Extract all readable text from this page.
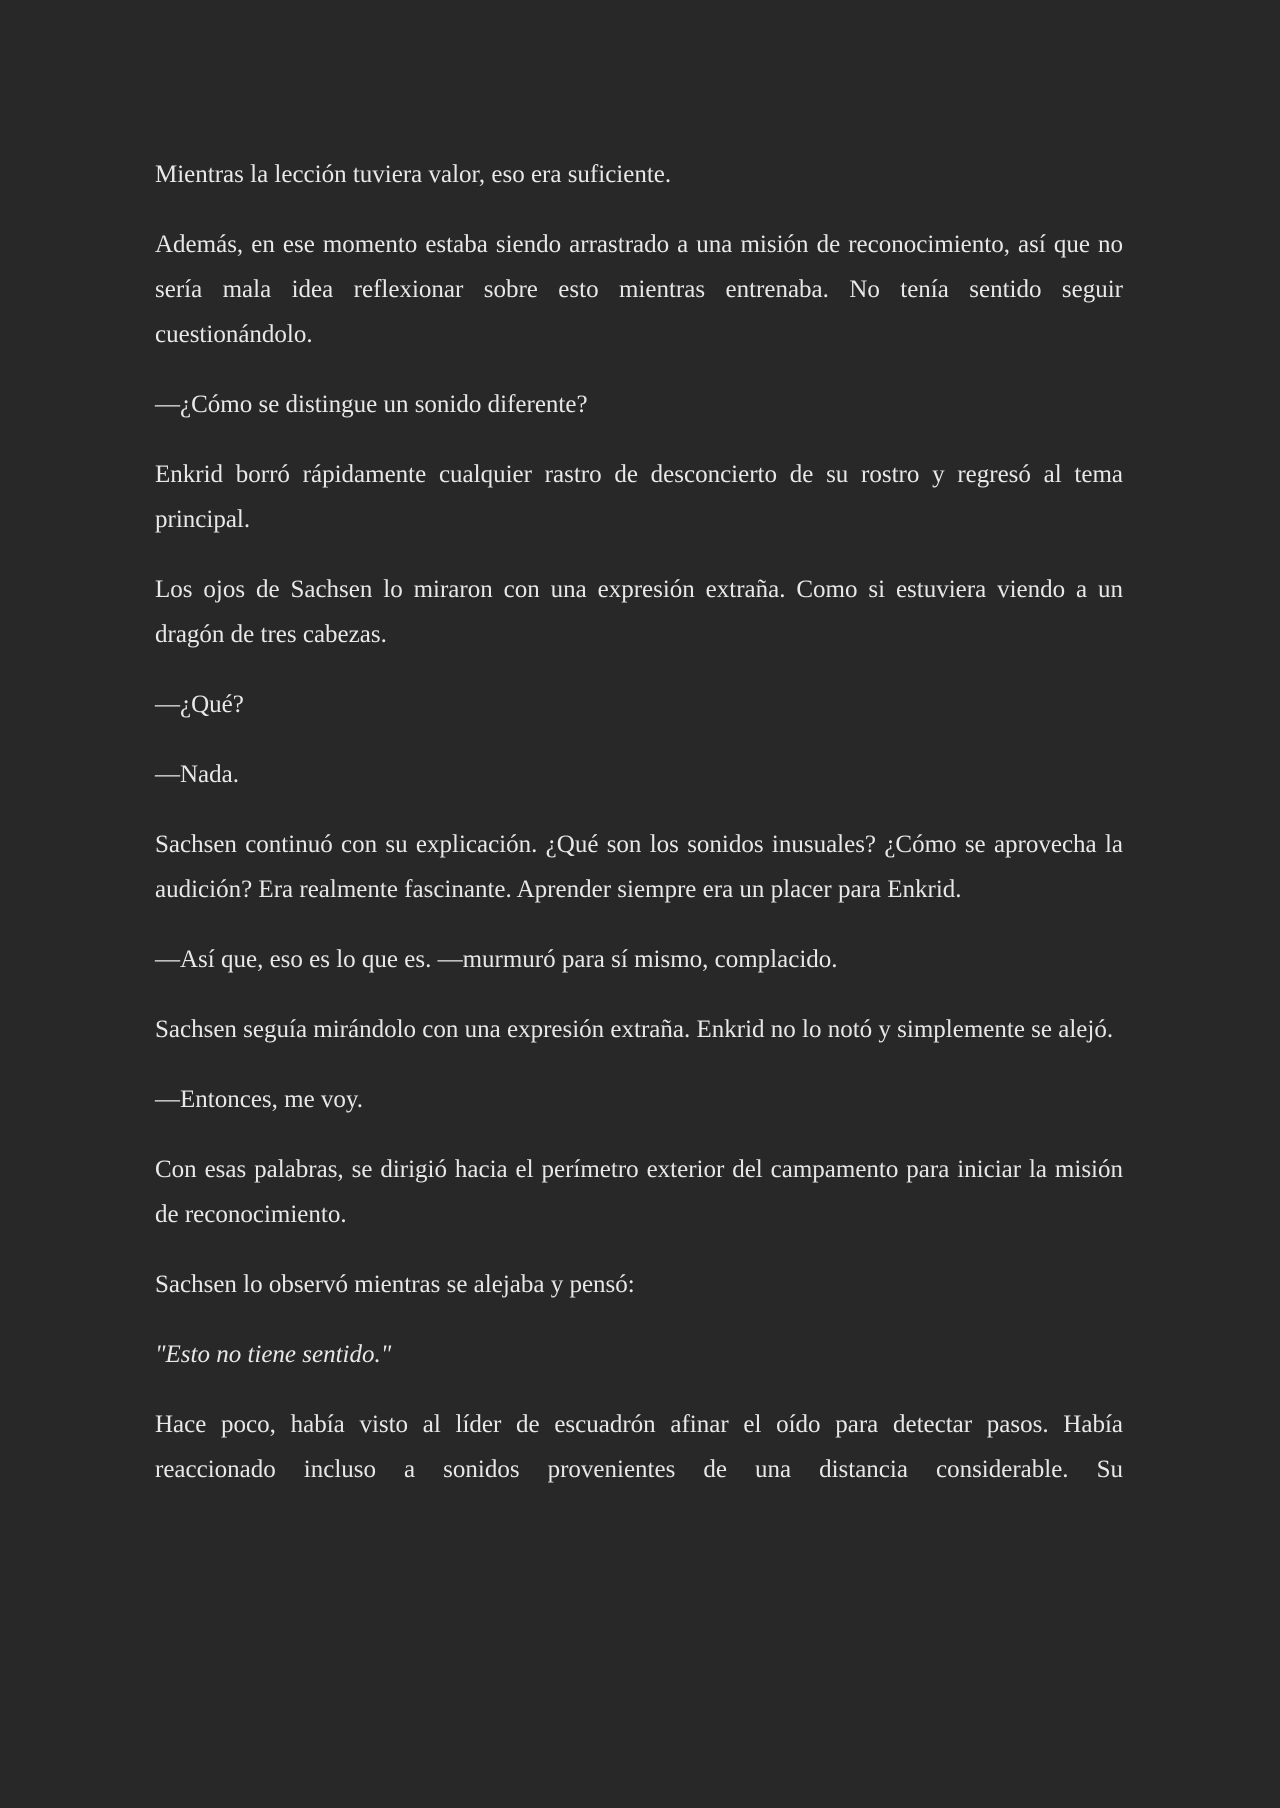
Mientras la lección tuviera valor, eso era suficiente.

Además, en ese momento estaba siendo arrastrado a una misión de reconocimiento, así que no sería mala idea reflexionar sobre esto mientras entrenaba. No tenía sentido seguir cuestionándolo.

—¿Cómo se distingue un sonido diferente?

Enkrid borró rápidamente cualquier rastro de desconcierto de su rostro y regresó al tema principal.

Los ojos de Sachsen lo miraron con una expresión extraña. Como si estuviera viendo a un dragón de tres cabezas.

—¿Qué?

—Nada.

Sachsen continuó con su explicación. ¿Qué son los sonidos inusuales? ¿Cómo se aprovecha la audición? Era realmente fascinante. Aprender siempre era un placer para Enkrid.

—Así que, eso es lo que es. —murmuró para sí mismo, complacido.

Sachsen seguía mirándolo con una expresión extraña. Enkrid no lo notó y simplemente se alejó.

—Entonces, me voy.

Con esas palabras, se dirigió hacia el perímetro exterior del campamento para iniciar la misión de reconocimiento.

Sachsen lo observó mientras se alejaba y pensó:

"Esto no tiene sentido."

Hace poco, había visto al líder de escuadrón afinar el oído para detectar pasos. Había reaccionado incluso a sonidos provenientes de una distancia considerable. Su
